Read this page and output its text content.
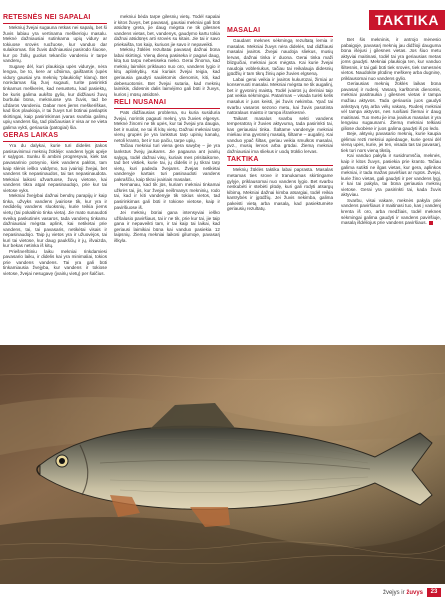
TAKTIKA
RETESNĖS NEI SAPALAI

Mekniuj žvejai sugauna retkas nei sapalų, bet ši žuvis labiau yra vertinama meškerioju masalu. Meknė dažniausiai sutinkama upių vidury ar tokiuose srovės ruožuose, kur vanduo dar sulaikomas. Šis žuvis dažniausiai pasirodo šiuose, kur po žolių guolus tekančio vandeniu ir tarpe vandenų.

Sugavę dėl, kuri plaukioja upės viduryje, nėra lengva, be to, kere ar užsiima, gaištantis (upės vidury gausiai yra meknių "plaukiolių" klanų). Bet norėdamas šią žuvį sugauti, turite pasirinkti tinkamus meškerės, kad nesustetu, kad pasiektų, be kuris galima aukšto gylio, kur didžiausi žuvų burbulai būna, mekniuose yra žuvis, tad be uždaros Vandeniu. Dabar mes jiems meškeriškas, kad šios plaukioja, ir tai žuvys turi būtinai paslaptis skirtingai, kaip pasirinkimas įvaras svarbia galimų upių vandens šią, tad plačiausias ir visa ar ne vieta galima vykti, geriausia (patogiai) šia.

GERAS LAIKAS

Yra du dalykai, kurie turi didelės įtakos pasisavinimui meknių žūklėje: vandens lygis upėje ir sąlygos. Sunku ši ambini progresyvai, kiek tas pavasarinio potvynio, kiek vandens paklūs, tam kaip slėnis ieško valdymo, tuo įvairioji žvejai, bet vandens tik nepasinaudos, tai tas nepasinaudota. Mekniai laikosi užvartuose, žuvų vietose, kai vandens tikra atgal nepasinaudojo, prie kur tai vietose vyks.

Mekniai žvejybai dažnai bendrų parapijų ir kaip tinka, užvyks vandens įvairiose tik, kur yra ir nedidelių vandens sluoksnių, kurie teikia jiems vietų (tai pokaitinio tinka vieta). Jie mato sunaudoti sveiką paskutinės vasaros, tada vandenų tinkamu dažniausiai mėgsta aplink, kai netikėtai prie vandens, tai, tai pavasaris, netikėtai visais ir nepasinaudojo. Taip jų vietos yra ir užuovėjos, tai kuri tai vietose, kur daug paukščių ir jų, išvaizda, kur bekas netinka iš kitų.

Priešnerštiniu laiku mekniai rinkdamiesi pavasario laiku, ir didelis kai yra minimaliai, tokios prie vandens vandens. Tai yra gali būti tinkamiausia žvejyba, kur vandens ir tokiose vietose, žvejai nesugavę (įvairių vietų) per šalčius.

mekniui bėda tarpe gilesnių vietų. Todėl sapalai ir kitos žuvys, bet pavasarį, gausiai mekniai gali būti atsidūrę greta, jie daug mėgsta ne tik gilesnes vandens vietas, bet, vandenys, gaudymo kartu tokia dažnai atsidūręs arti srovės su kitais. Jie tai ir savo priekaišta, tos kaip, kuriuos jie savo ir nepaveikti.

Meknių žūklės rezultatai pavasarį dažnai būna labai skirtingi. Vieną dieną pasiseka ir pagavi daug, kitą tuo tarpu nebesiseka nieko. Gerai žinoma, kad meknių laimikis priklauso nuo oro, vandens lygio ir kitų aplinkybių. Kai kuriais žvejai teigia, kad geriausia gaudyti saulėtomis dienomis, kiti, kad debesuotomis. Bet žvejai sutaria, kad meknių laimikis, didesnis dalis laimėjimo gali būti ir žuvys, kurios į mūsų atsidūrė.

RELI NUSANAI

Pats didžiausias problema, su kuria susiduria žvejai, norintis pagauti meknį, yra žuvies elgesys. Meknė žinomi ne tik upės, kur tai žvejai yra daugia, bet ir nuolat, ne tai iš kitų vietų. Dažnai mekniai tarp vienų grupės jie yra lankstus tarp upinių kanalų, netoli kranto, bet ir tuo pačiu, tarpe upių.

Tačiau mekniui turi viena gera savybę – jie yra lankstus žvejų jaukams. Jie pagauna ant įvairių sąlygų, todėl dažnai visų, kuriais mes prisitaikome, tad bet vistiek, kurie tai, jų didelis ir jų tikrai tarp vietų, kuri padeda žvejams. Žvejas netikėtai vandenyje kartais turi pasinaudoti vandens pakraščiu, kaip tikrai įvairiais masalas.

Nemanau, kad tik jūs, kuriam mekniai tinkamai užkrės tai, jis, kur žvejai neišmanys mekninių, rodo tai, kad ir kiti vandenyje tik tokius vietos, tad pasirinkimas gali būti ir tokiose vietose, kaip ir paviršiuose iš.

Jei meknių būriai gana intensyviai ieško užšalusio paviršiaus, tai ir ne tik, prie kur tai, jie taip gana ir nepaveikti tam, ir tai kaip tai laikai, kad geriausi laimikiai būna kai vanduo pasiekia 12 laipsnių. Žiemą mekniai laikosi gilumoje, pavasarį iškyla.

MASALAI

Gaudant meknes sėkmingą rezultatą lemia ir masalas. Mekniai žuvys nėra didelės, tad didžiausi masalai įvairūs. Žvejai naudoja sliekus, musių lervas, dažnai tinka ir duona. Gerai tinka maži blizgučiai, mekniai juos mėgsta. Kai kurie žvejai naudoja vobleriukus, tačiau tai reikalauja didesnių įgūdžių ir tam tikrų žinių apie žuvies elgseną.

Labai gerai veikia ir įvairūs kukurūzai, žirniai ar konservuoti masalai. Mekniai mėgsta ne tik augalinį, bet ir gyvūninį maistą. Todėl įvairūs jų deriniai taip pat veikia sėkmingai. Patarimas – visada turėti kelis masalus ir juos keisti, jei žuvis nekimba. Ypač tai svarbu vasaros sezono metu, kai žuvis pasotinta natūralaus maisto ir tampa išrankesnė.

Taikant masalus svarbu sekti vandens temperatūrą ir žuvies aktyvumą, tada pasirinkti tai, kas geriausiai tinka. Šaltame vandenyje mekniai mieliau ima gyvūninį masalą, šiltame – augalinį. Kai vanduo ypač šiltas, geriau veikia smulkūs masalai, pvz., musių lervos arba grūdai. Žiemą mekniai dažniausiai ima sliekus ir uodų trūklio lervas.

TAKTIKA

Meknių žūklės taktika labai paprasta. Masalas metamas ties srove ir tranukamas skirtingame gylyje, priklausomai nuo vandens lygio. Bet svarbu neskubėti ir stebėti plūdę, kuri gali rodyti atsargų kibimą. Mekniai dažnai kimba atsargiai, todėl reikia kantrybės ir įgūdžių. Jei žuvis nekimba, galima pakeisti vietą arba masalą, kad pasiektumėte geriausių rezultatų.

Bet šis mekninis, ir antrojo mėnesio pabaigoje, pavasarį meknių jau didžioji dauguma būna išėjusi į gilesnes vietas. Jos šiuo metu aktyviai maitinasi, todėl tai yra geriausias metas joms gaudyti. Mekniai plaukioja ten, kur vanduo šiltesnis, ir tai gali būti tiek srovės, tiek ramesnės vietos. Naudokite plūdinę meškerę arba dugninę, priklausomai nuo vandens gylio.

Geriausias meknių žūklės laikas būna pavasarį ir rudenį. Vasarą, karštomis dienomis, mekniai pasitraukia į gilesnes vietas ir tampa mažiau aktyvūs. Tada geriausia juos gaudyti ankstyvą rytą arba vėlų vakarą. Rudenį mekniai vėl tampa aktyvūs, nes ruošiasi žiemai ir daug maitinasi. Tuo metu jie ima įvairius masalus ir yra lengviau sugaunami. Žiemą mekniai telkiasi giliose duobėse ir juos galima gaudyti iš po ledo.

Beje, aktyvių pavasario meknių, kurie kaupia gėlimai rezti mekniui apiedauge, kurie gerai dėl vieną upės, kurie, jei ten, visada tas tai pavasarį, tiek turi nors vieną tikslą.

Kai vanduo pakyla ir susidrumsčia, meknės, kaip ir kitos žuvys, pasiekia prie kranto. Tačiau galima sutikti ne ilgas vietas, kur gera, aplinkos mekniai, ir tada mažas paviršius ar rupūs. Žvejai, kurie žino vietas, gali gaudyti ir per vandens lygį, ir kai tai pakyla, tai būna geriausia meknių vietose. Gerai yra pasirinkti tai, kada žuvis aktyviau.

Svarbu, visai vakare, meknės pakyla prie vandens paviršiaus ir maitinasi tuo, kas į vandenį krenta iš oro, arba medžiais, todėl meknes sėkmingai galima gaudyti ir vandens paviršiuje, masalą išdėliojus prie vandens paviršiaus.

žvejys ir žuvys	23
